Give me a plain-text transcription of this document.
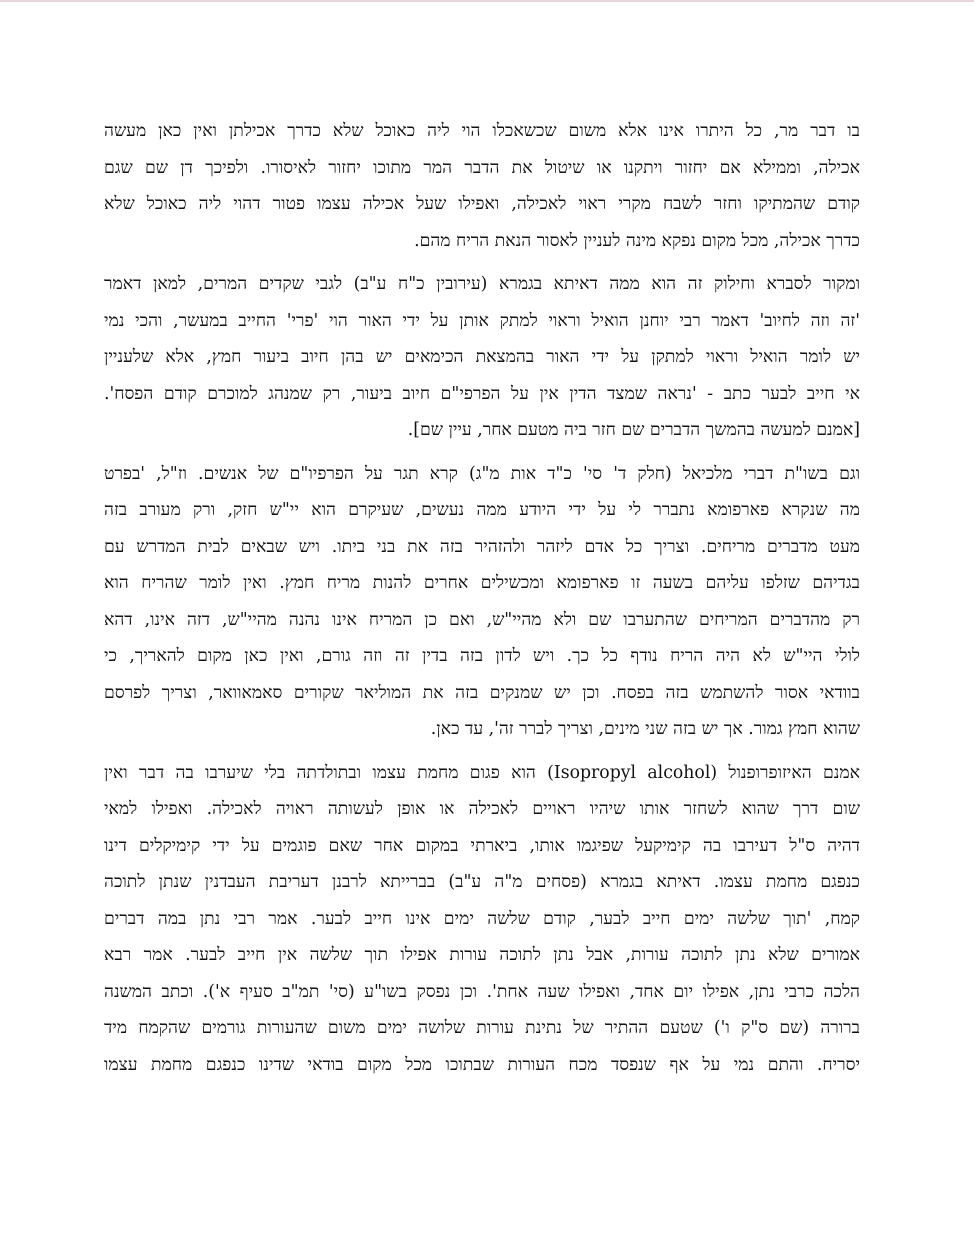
בו דבר מר, כל היתרו אינו אלא משום שכשאכלו הוי ליה כאוכל שלא כדרך אכילתן ואין כאן מעשה
אכילה, וממילא אם יחזור ויתקנו או שיטול את הדבר המר מתוכו יחזור לאיסורו. ולפיכך דן שם שגם
קודם שהמתיקו וחזר לשבח מקרי ראוי לאכילה, ואפילו שעל אכילה עצמו פטור דהוי ליה כאוכל שלא
כדרך אכילה, מכל מקום נפקא מינה לעניין לאסור הנאת הריח מהם.

ומקור לסברא וחילוק זה הוא ממה דאיתא בגמרא (עירובין כ"ח ע"ב) לגבי שקדים המרים, למאן דאמר
'זה וזה לחיוב' דאמר רבי יוחנן הואיל וראוי למתק אותן על ידי האור הוי 'פרי' החייב במעשר, והכי נמי
יש לומר הואיל וראוי למתקן על ידי האור בהמצאת הכימאים יש בהן חיוב ביעור חמץ, אלא שלעניין
אי חייב לבער כתב - 'נראה שמצד הדין אין על הפרפי"ם חיוב ביעור, רק שמנהג למוכרם קודם הפסח'.
[אמנם למעשה בהמשך הדברים שם חזר ביה מטעם אחר, עיין שם].

וגם בשו"ת דברי מלכיאל (חלק ד' סי' כ"ד אות מ"ג) קרא תגר על הפרפיו"ם של אנשים. וז"ל, 'בפרט
מה שנקרא פארפומא נתברר לי על ידי היודע ממה נעשים, שעיקרם הוא יי"ש חזק, ורק מעורב בזה
מעט מדברים מריחים. וצריך כל אדם ליזהר ולהזהיר בזה את בני ביתו. ויש שבאים לבית המדרש עם
בגדיהם שזלפו עליהם בשעה זו פארפומא ומכשילים אחרים להנות מריח חמץ. ואין לומר שהריח הוא
רק מהדברים המריחים שהתערבו שם ולא מהיי"ש, ואם כן המריח אינו נהנה מהיי"ש, דזה אינו, דהא
לולי היי"ש לא היה הריח נודף כל כך. ויש לדון בזה בדין זה וזה גורם, ואין כאן מקום להאריך, כי
בוודאי אסור להשתמש בזה בפסח. וכן יש שמנקים בזה את המוליאר שקורים סאמאוואר, וצריך לפרסם
שהוא חמץ גמור. אך יש בזה שני מינים, וצריך לברר זה', עד כאן.

אמנם האיזופרופנול (Isopropyl alcohol) הוא פגום מחמת עצמו ובתולדתה בלי שיערבו בה דבר ואין
שום דרך שהוא לשחזר אותו שיהיו ראויים לאכילה או אופן לעשותה ראויה לאכילה. ואפילו למאי
דהיה ס"ל דעירבו בה קימיקעל שפיגמו אותו, ביארתי במקום אחר שאם פוגמים על ידי קימיקלים דינו
כנפגם מחמת עצמו. דאיתא בגמרא (פסחים מ"ה ע"ב) בברייתא לרבנן דעריבת העבדנין שנתן לתוכה
קמח, 'תוך שלשה ימים חייב לבער, קודם שלשה ימים אינו חייב לבער. אמר רבי נתן במה דברים
אמורים שלא נתן לתוכה עורות, אבל נתן לתוכה עורות אפילו תוך שלשה אין חייב לבער. אמר רבא
הלכה כרבי נתן, אפילו יום אחד, ואפילו שעה אחת'. וכן נפסק בשו"ע (סי' תמ"ב סעיף א'). וכתב המשנה
ברורה (שם ס"ק ו') שטעם ההתיר של נתינת עורות שלושה ימים משום שהעורות גורמים שהקמח מיד
יסריח. והתם נמי על אף שנפסד מכח העורות שבתוכו מכל מקום בודאי שדינו כנפגם מחמת עצמו
